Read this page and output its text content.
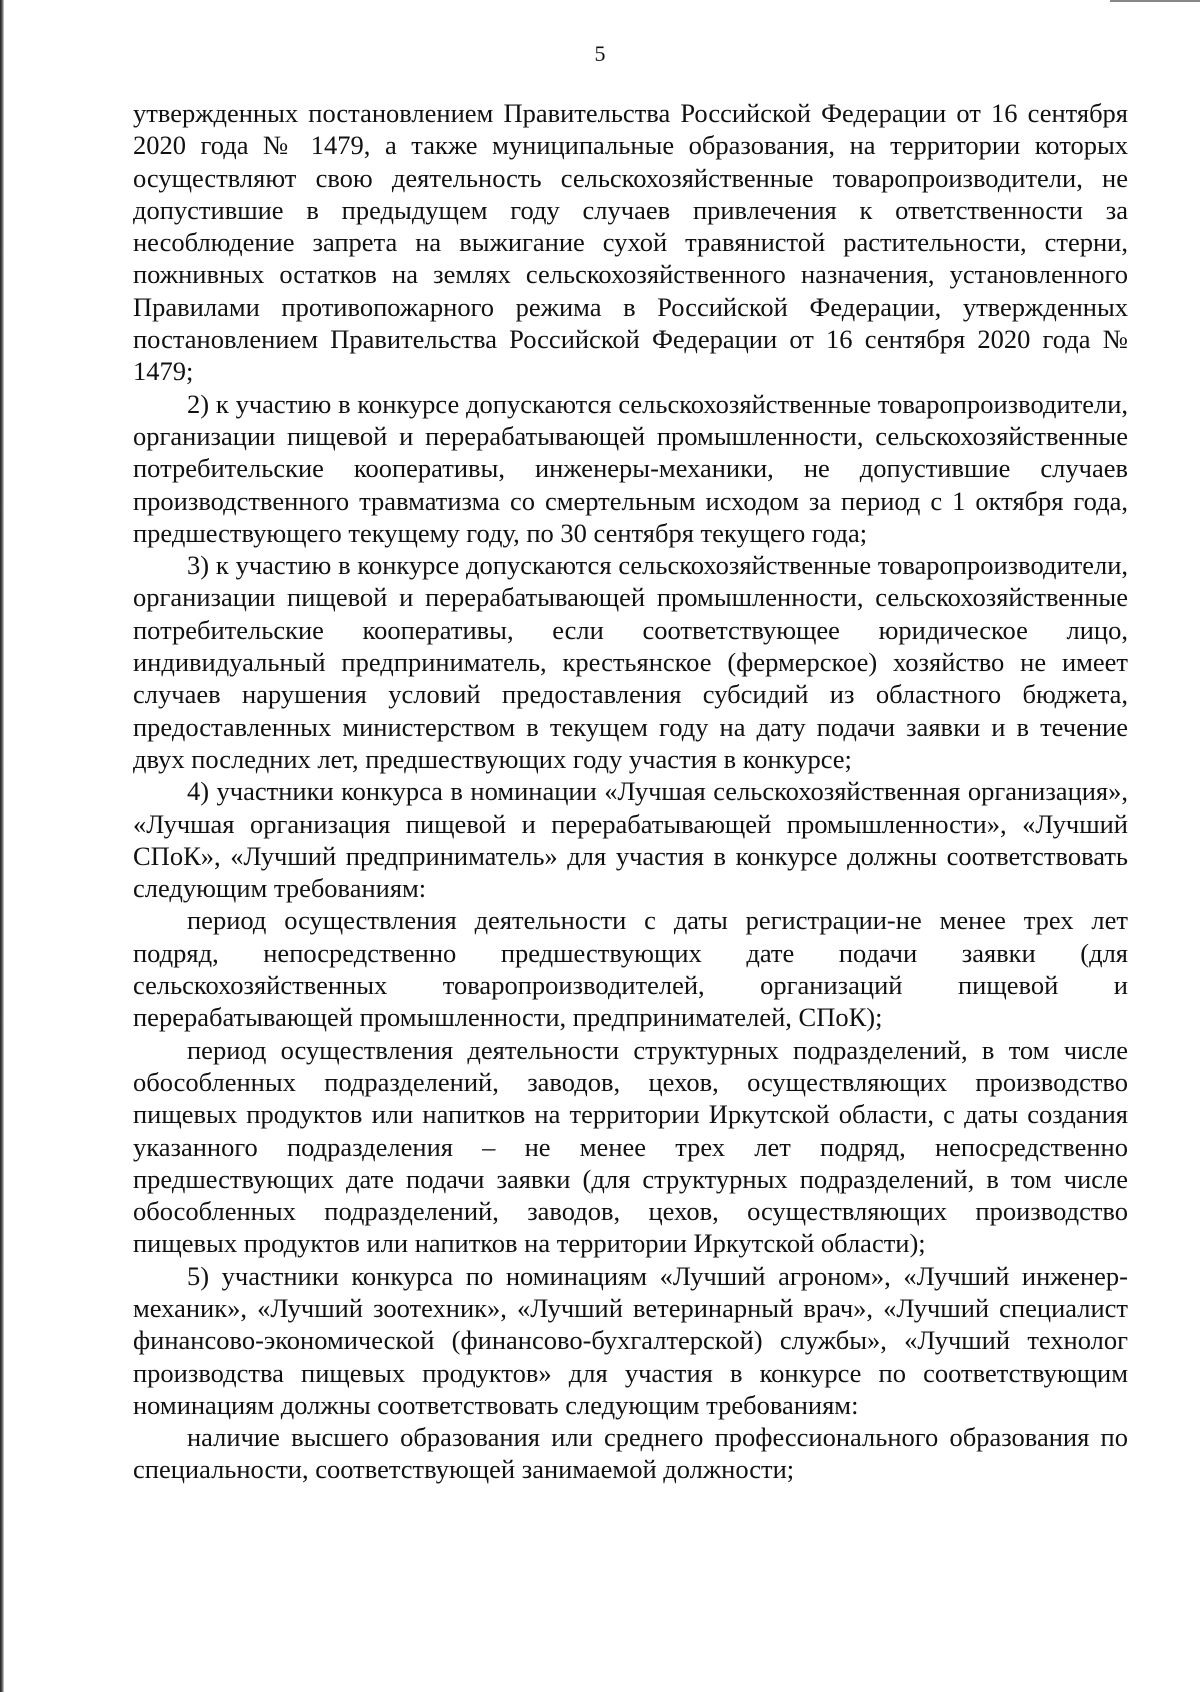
5

утвержденных постановлением Правительства Российской Федерации от 16 сентября 2020 года № 1479, а также муниципальные образования, на территории которых осуществляют свою деятельность сельскохозяйственные товаропроизводители, не допустившие в предыдущем году случаев привлечения к ответственности за несоблюдение запрета на выжигание сухой травянистой растительности, стерни, пожнивных остатков на землях сельскохозяйственного назначения, установленного Правилами противопожарного режима в Российской Федерации, утвержденных постановлением Правительства Российской Федерации от 16 сентября 2020 года № 1479;

2) к участию в конкурсе допускаются сельскохозяйственные товаропроизводители, организации пищевой и перерабатывающей промышленности, сельскохозяйственные потребительские кооперативы, инженеры-механики, не допустившие случаев производственного травматизма со смертельным исходом за период с 1 октября года, предшествующего текущему году, по 30 сентября текущего года;

3) к участию в конкурсе допускаются сельскохозяйственные товаропроизводители, организации пищевой и перерабатывающей промышленности, сельскохозяйственные потребительские кооперативы, если соответствующее юридическое лицо, индивидуальный предприниматель, крестьянское (фермерское) хозяйство не имеет случаев нарушения условий предоставления субсидий из областного бюджета, предоставленных министерством в текущем году на дату подачи заявки и в течение двух последних лет, предшествующих году участия в конкурсе;

4) участники конкурса в номинации «Лучшая сельскохозяйственная организация», «Лучшая организация пищевой и перерабатывающей промышленности», «Лучший СПоК», «Лучший предприниматель» для участия в конкурсе должны соответствовать следующим требованиям:

период осуществления деятельности с даты регистрации-не менее трех лет подряд, непосредственно предшествующих дате подачи заявки (для сельскохозяйственных товаропроизводителей, организаций пищевой и перерабатывающей промышленности, предпринимателей, СПоК);

период осуществления деятельности структурных подразделений, в том числе обособленных подразделений, заводов, цехов, осуществляющих производство пищевых продуктов или напитков на территории Иркутской области, с даты создания указанного подразделения – не менее трех лет подряд, непосредственно предшествующих дате подачи заявки (для структурных подразделений, в том числе обособленных подразделений, заводов, цехов, осуществляющих производство пищевых продуктов или напитков на территории Иркутской области);

5) участники конкурса по номинациям «Лучший агроном», «Лучший инженер-механик», «Лучший зоотехник», «Лучший ветеринарный врач», «Лучший специалист финансово-экономической (финансово-бухгалтерской) службы», «Лучший технолог производства пищевых продуктов» для участия в конкурсе по соответствующим номинациям должны соответствовать следующим требованиям:

наличие высшего образования или среднего профессионального образования по специальности, соответствующей занимаемой должности;
